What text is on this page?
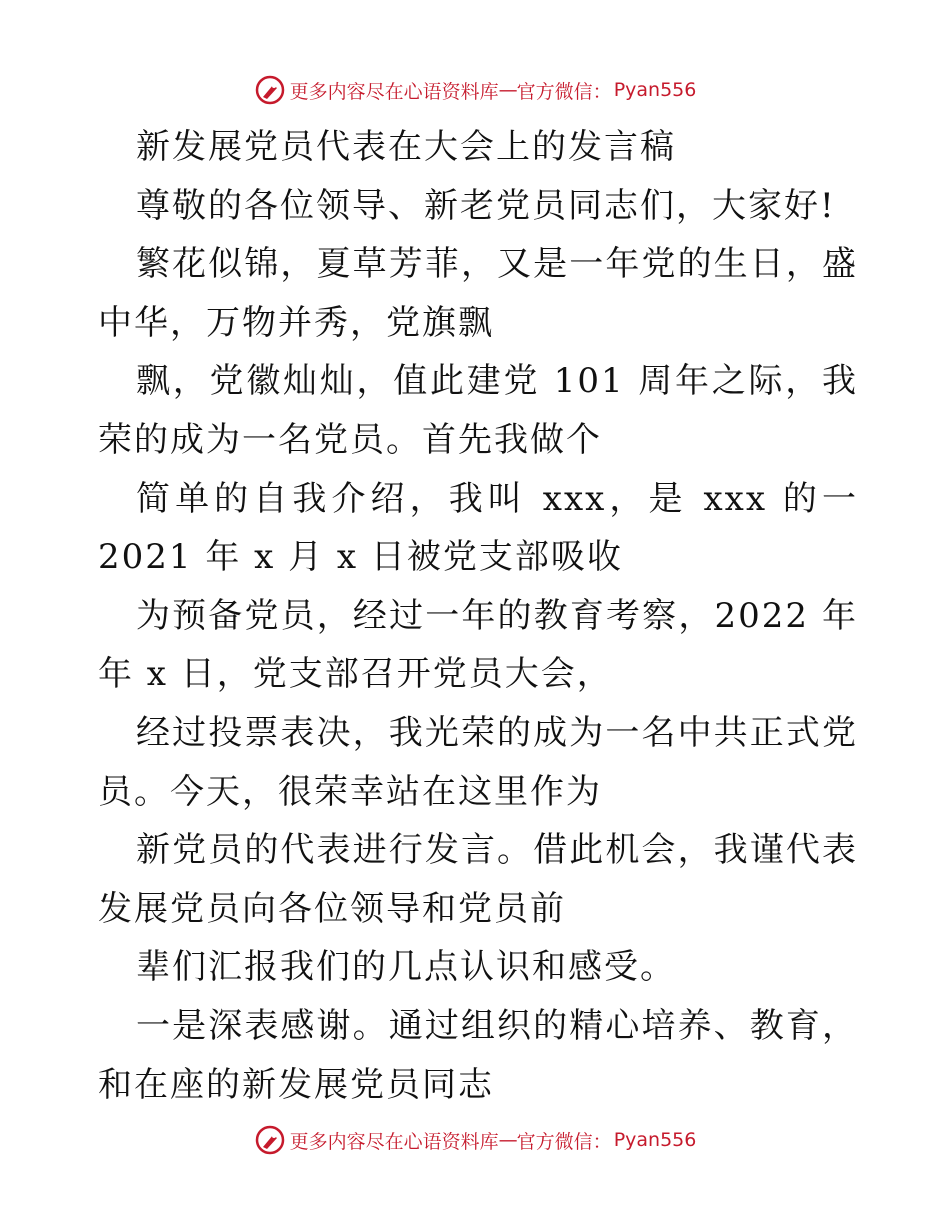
更多内容尽在心语资料库 — 官方微信： Pyan556
新发展党员代表在大会上的发言稿
尊敬的各位领导、新老党员同志们，大家好!
繁花似锦，夏草芳菲，又是一年党的生日，盛
中华，万物并秀，党旗飘
飘，党徽灿灿，值此建党 101 周年之际，我
荣的成为一名党员。首先我做个
简单的自我介绍，我叫 xxx，是 xxx 的一
2021 年 x 月 x 日被党支部吸收
为预备党员，经过一年的教育考察，2022 年
年 x 日，党支部召开党员大会，
经过投票表决，我光荣的成为一名中共正式党
员。今天，很荣幸站在这里作为
新党员的代表进行发言。借此机会，我谨代表
发展党员向各位领导和党员前
辈们汇报我们的几点认识和感受。
一是深表感谢。通过组织的精心培养、教育，
和在座的新发展党员同志
更多内容尽在心语资料库 — 官方微信： Pyan556
